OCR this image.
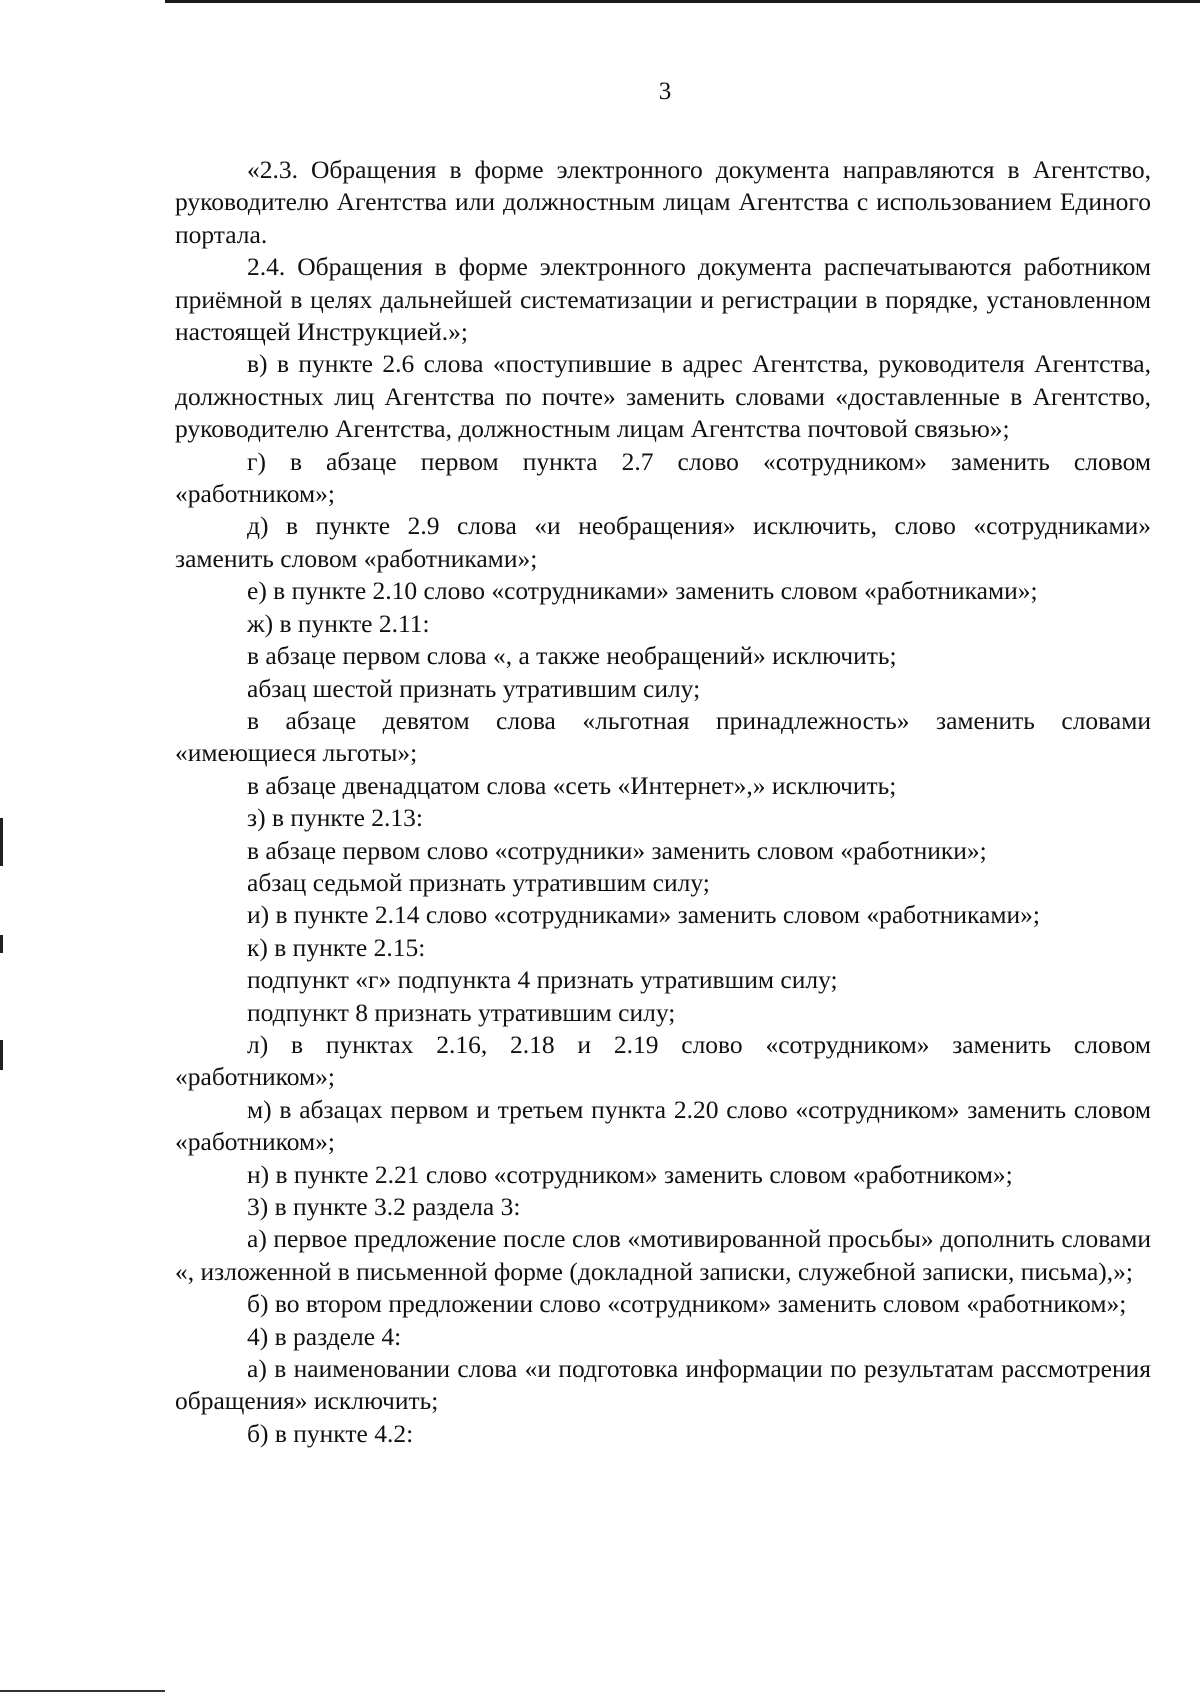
3

«2.3. Обращения в форме электронного документа направляются в Агентство, руководителю Агентства или должностным лицам Агентства с использованием Единого портала.

2.4. Обращения в форме электронного документа распечатываются работником приёмной в целях дальнейшей систематизации и регистрации в порядке, установленном настоящей Инструкцией.»;

в) в пункте 2.6 слова «поступившие в адрес Агентства, руководителя Агентства, должностных лиц Агентства по почте» заменить словами «доставленные в Агентство, руководителю Агентства, должностным лицам Агентства почтовой связью»;

г) в абзаце первом пункта 2.7 слово «сотрудником» заменить словом «работником»;

д) в пункте 2.9 слова «и необращения» исключить, слово «сотрудниками» заменить словом «работниками»;

е) в пункте 2.10 слово «сотрудниками» заменить словом «работниками»;

ж) в пункте 2.11:

в абзаце первом слова «, а также необращений» исключить;

абзац шестой признать утратившим силу;

в абзаце девятом слова «льготная принадлежность» заменить словами «имеющиеся льготы»;

в абзаце двенадцатом слова «сеть «Интернет»,» исключить;

з) в пункте 2.13:

в абзаце первом слово «сотрудники» заменить словом «работники»;

абзац седьмой признать утратившим силу;

и) в пункте 2.14 слово «сотрудниками» заменить словом «работниками»;

к) в пункте 2.15:

подпункт «г» подпункта 4 признать утратившим силу;

подпункт 8 признать утратившим силу;

л) в пунктах 2.16, 2.18 и 2.19 слово «сотрудником» заменить словом «работником»;

м) в абзацах первом и третьем пункта 2.20 слово «сотрудником» заменить словом «работником»;

н) в пункте 2.21 слово «сотрудником» заменить словом «работником»;

3) в пункте 3.2 раздела 3:

а) первое предложение после слов «мотивированной просьбы» дополнить словами «, изложенной в письменной форме (докладной записки, служебной записки, письма),»;

б) во втором предложении слово «сотрудником» заменить словом «работником»;

4) в разделе 4:

а) в наименовании слова «и подготовка информации по результатам рассмотрения обращения» исключить;

б) в пункте 4.2:
